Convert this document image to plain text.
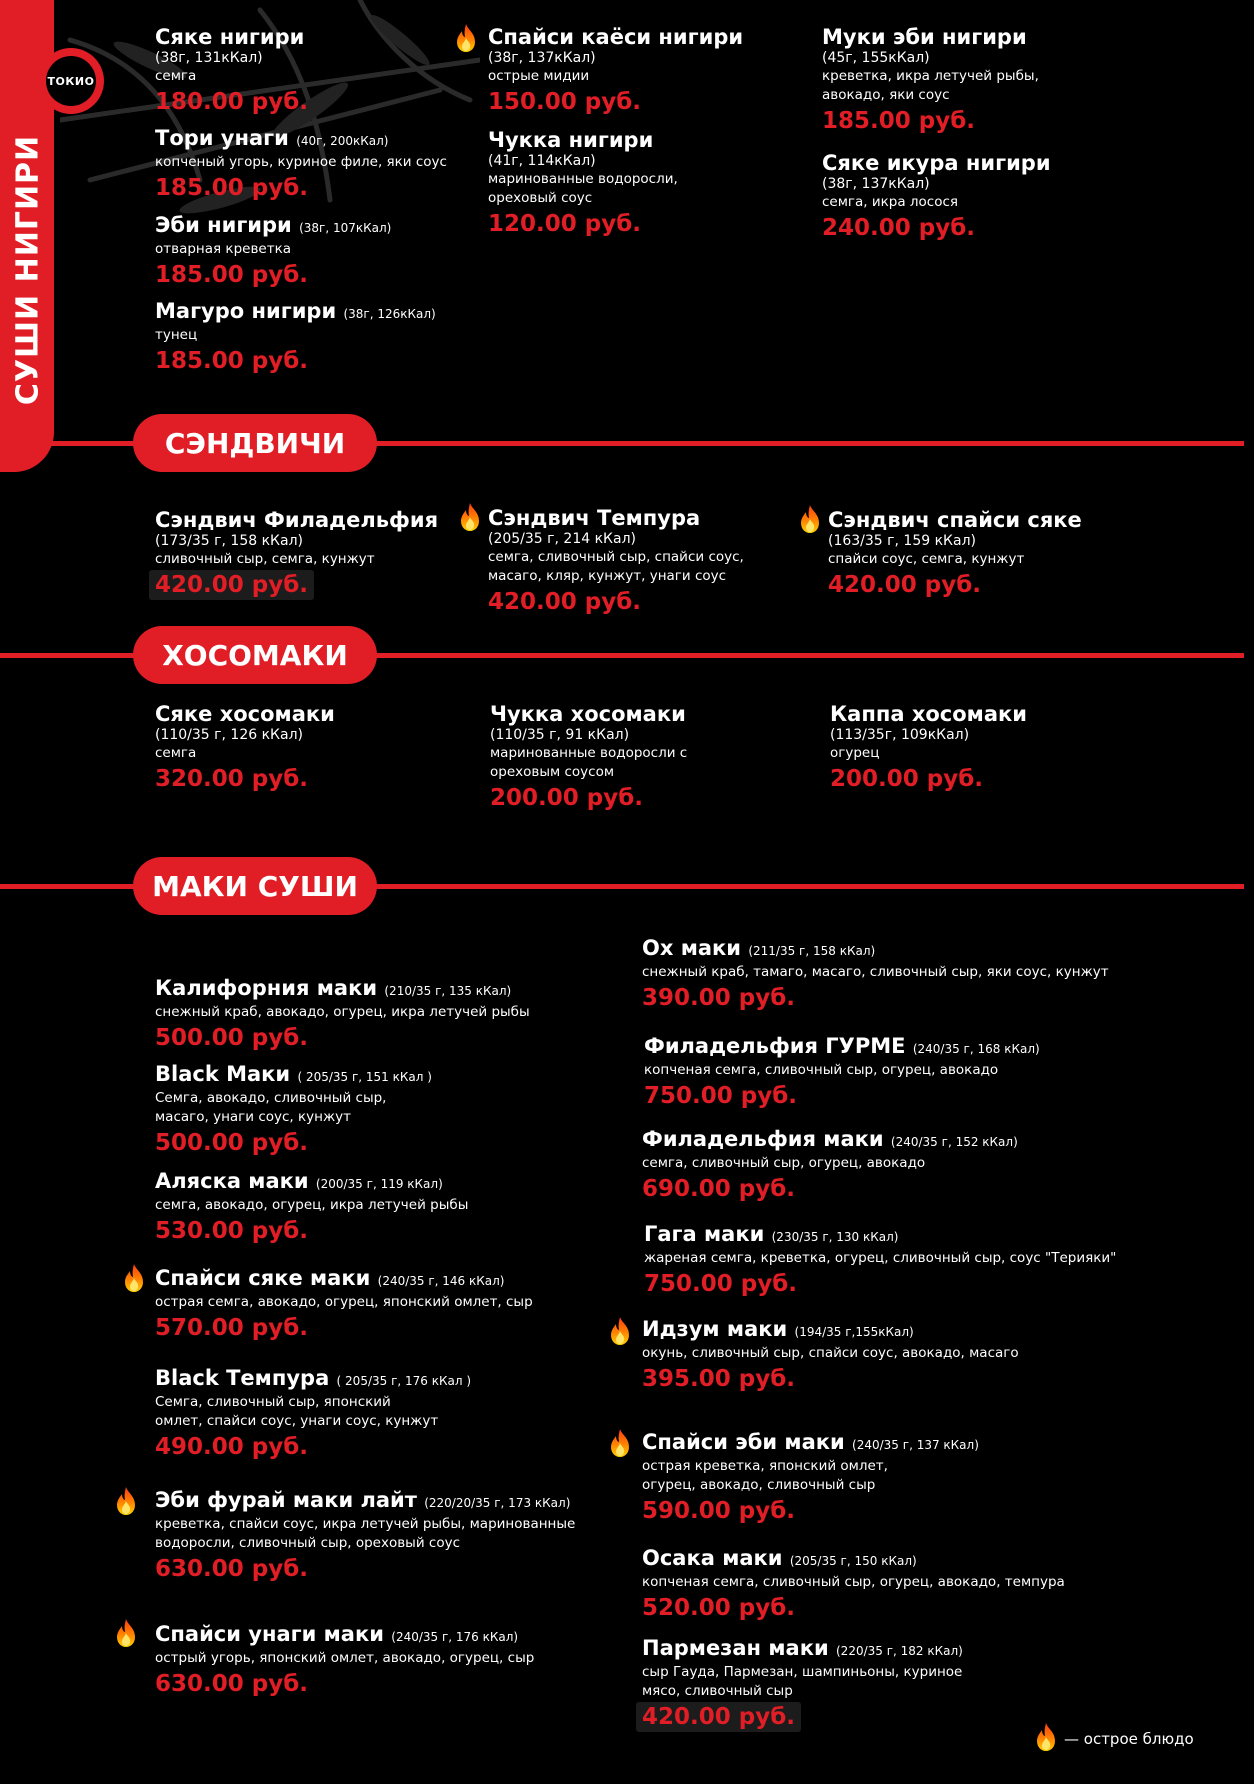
СУШИ НИГИРИ
ТОКИО
Сяке нигири
(38г, 131кКал)
семга
180.00 руб.
Тори унаги (40г, 200кКал)
копченый угорь, куриное филе, яки соус
185.00 руб.
Эби нигири (38г, 107кКал)
отварная креветка
185.00 руб.
Магуро нигири (38г, 126кКал)
тунец
185.00 руб.
Спайси каёси нигири
(38г, 137кКал)
острые мидии
150.00 руб.
Чукка нигири
(41г, 114кКал)
маринованные водоросли, ореховый соус
120.00 руб.
Муки эби нигири
(45г, 155кКал)
креветка, икра летучей рыбы, авокадо, яки соус
185.00 руб.
Сяке икура нигири
(38г, 137кКал)
семга, икра лосося
240.00 руб.
СЭНДВИЧИ
Сэндвич Филадельфия
(173/35 г, 158 кКал)
сливочный сыр, семга, кунжут
420.00 руб.
Сэндвич Темпура
(205/35 г, 214 кКал)
семга, сливочный сыр, спайси соус, масаго, кляр, кунжут, унаги соус
420.00 руб.
Сэндвич спайси сяке
(163/35 г, 159 кКал)
спайси соус, семга, кунжут
420.00 руб.
ХОСОМАКИ
Сяке хосомаки
(110/35 г, 126 кКал)
семга
320.00 руб.
Чукка хосомаки
(110/35 г, 91 кКал)
маринованные водоросли с ореховым соусом
200.00 руб.
Каппа хосомаки
(113/35г, 109кКал)
огурец
200.00 руб.
МАКИ СУШИ
Калифорния маки (210/35 г, 135 кКал)
снежный краб, авокадо, огурец, икра летучей рыбы
500.00 руб.
Black Маки ( 205/35 г, 151 кКал )
Семга, авокадо, сливочный сыр, масаго, унаги соус, кунжут
500.00 руб.
Аляска маки (200/35 г, 119 кКал)
семга, авокадо, огурец, икра летучей рыбы
530.00 руб.
Спайси сяке маки (240/35 г, 146 кКал)
острая семга, авокадо, огурец, японский омлет, сыр
570.00 руб.
Black Темпура ( 205/35 г, 176 кКал )
Семга, сливочный сыр, японский омлет, спайси соус, унаги соус, кунжут
490.00 руб.
Эби фурай маки лайт (220/20/35 г, 173 кКал)
креветка, спайси соус, икра летучей рыбы, маринованные водоросли, сливочный сыр, ореховый соус
630.00 руб.
Спайси унаги маки (240/35 г, 176 кКал)
острый угорь, японский омлет, авокадо, огурец, сыр
630.00 руб.
Ох маки (211/35 г, 158 кКал)
снежный краб, тамаго, масаго, сливочный сыр, яки соус, кунжут
390.00 руб.
Филадельфия ГУРМЕ (240/35 г, 168 кКал)
копченая семга, сливочный сыр, огурец, авокадо
750.00 руб.
Филадельфия маки (240/35 г, 152 кКал)
семга, сливочный сыр, огурец, авокадо
690.00 руб.
Гага маки (230/35 г, 130 кКал)
жареная семга, креветка, огурец, сливочный сыр, соус "Терияки"
750.00 руб.
Идзум маки (194/35 г,155кКал)
окунь, сливочный сыр, спайси соус, авокадо, масаго
395.00 руб.
Спайси эби маки (240/35 г, 137 кКал)
острая креветка, японский омлет, огурец, авокадо, сливочный сыр
590.00 руб.
Осака маки (205/35 г, 150 кКал)
копченая семга, сливочный сыр, огурец, авокадо, темпура
520.00 руб.
Пармезан маки (220/35 г, 182 кКал)
сыр Гауда, Пармезан, шампиньоны, куриное мясо, сливочный сыр
420.00 руб.
— острое блюдо
